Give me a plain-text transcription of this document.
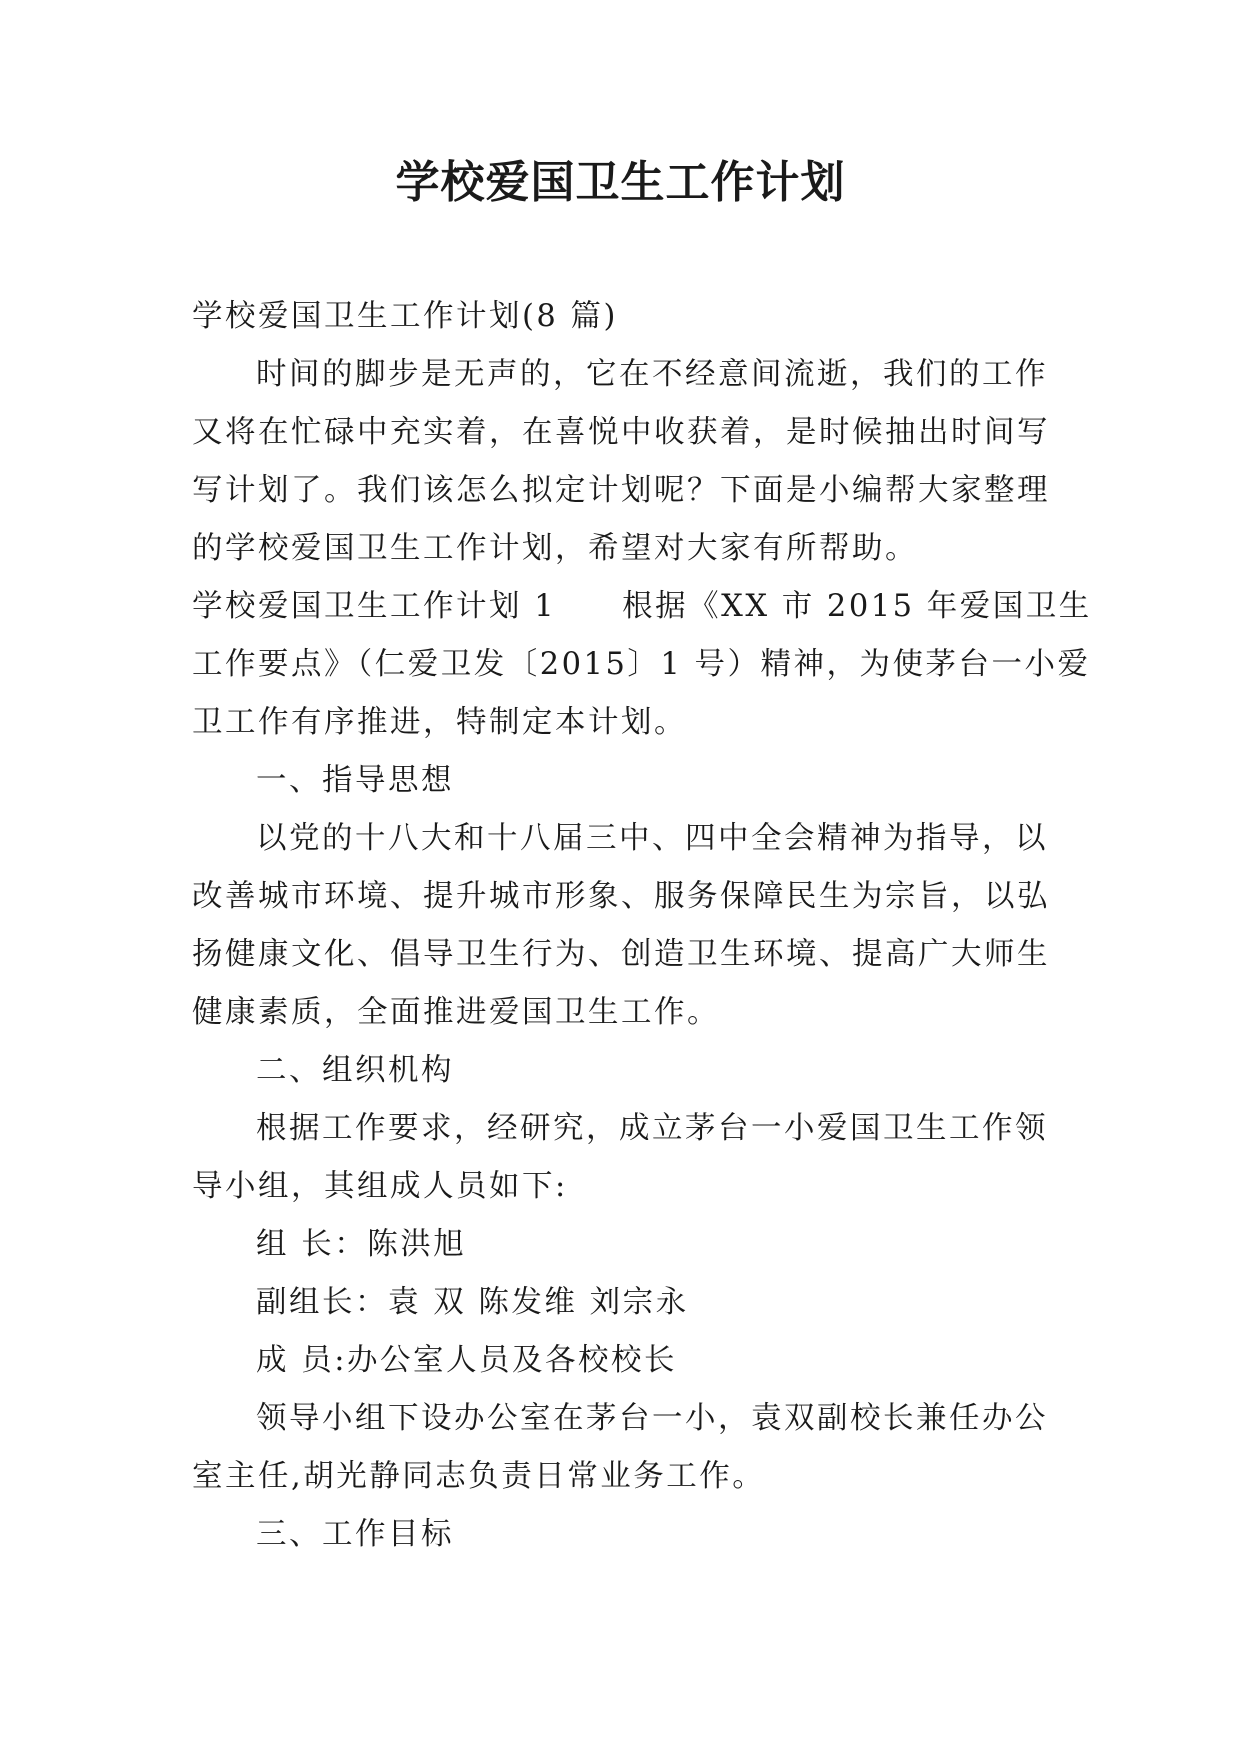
学校爱国卫生工作计划

学校爱国卫生工作计划(8 篇)

时间的脚步是无声的，它在不经意间流逝，我们的工作

又将在忙碌中充实着，在喜悦中收获着，是时候抽出时间写

写计划了。我们该怎么拟定计划呢？下面是小编帮大家整理

的学校爱国卫生工作计划，希望对大家有所帮助。

学校爱国卫生工作计划 1　　根据《XX 市 2015 年爱国卫生

工作要点》（仁爱卫发〔2015〕1 号）精神，为使茅台一小爱

卫工作有序推进，特制定本计划。

一、指导思想

以党的十八大和十八届三中、四中全会精神为指导，以

改善城市环境、提升城市形象、服务保障民生为宗旨，以弘

扬健康文化、倡导卫生行为、创造卫生环境、提高广大师生

健康素质，全面推进爱国卫生工作。

二、组织机构

根据工作要求，经研究，成立茅台一小爱国卫生工作领

导小组，其组成人员如下:

组 长：陈洪旭

副组长：袁 双 陈发维 刘宗永

成 员:办公室人员及各校校长

领导小组下设办公室在茅台一小，袁双副校长兼任办公

室主任,胡光静同志负责日常业务工作。

三、工作目标
